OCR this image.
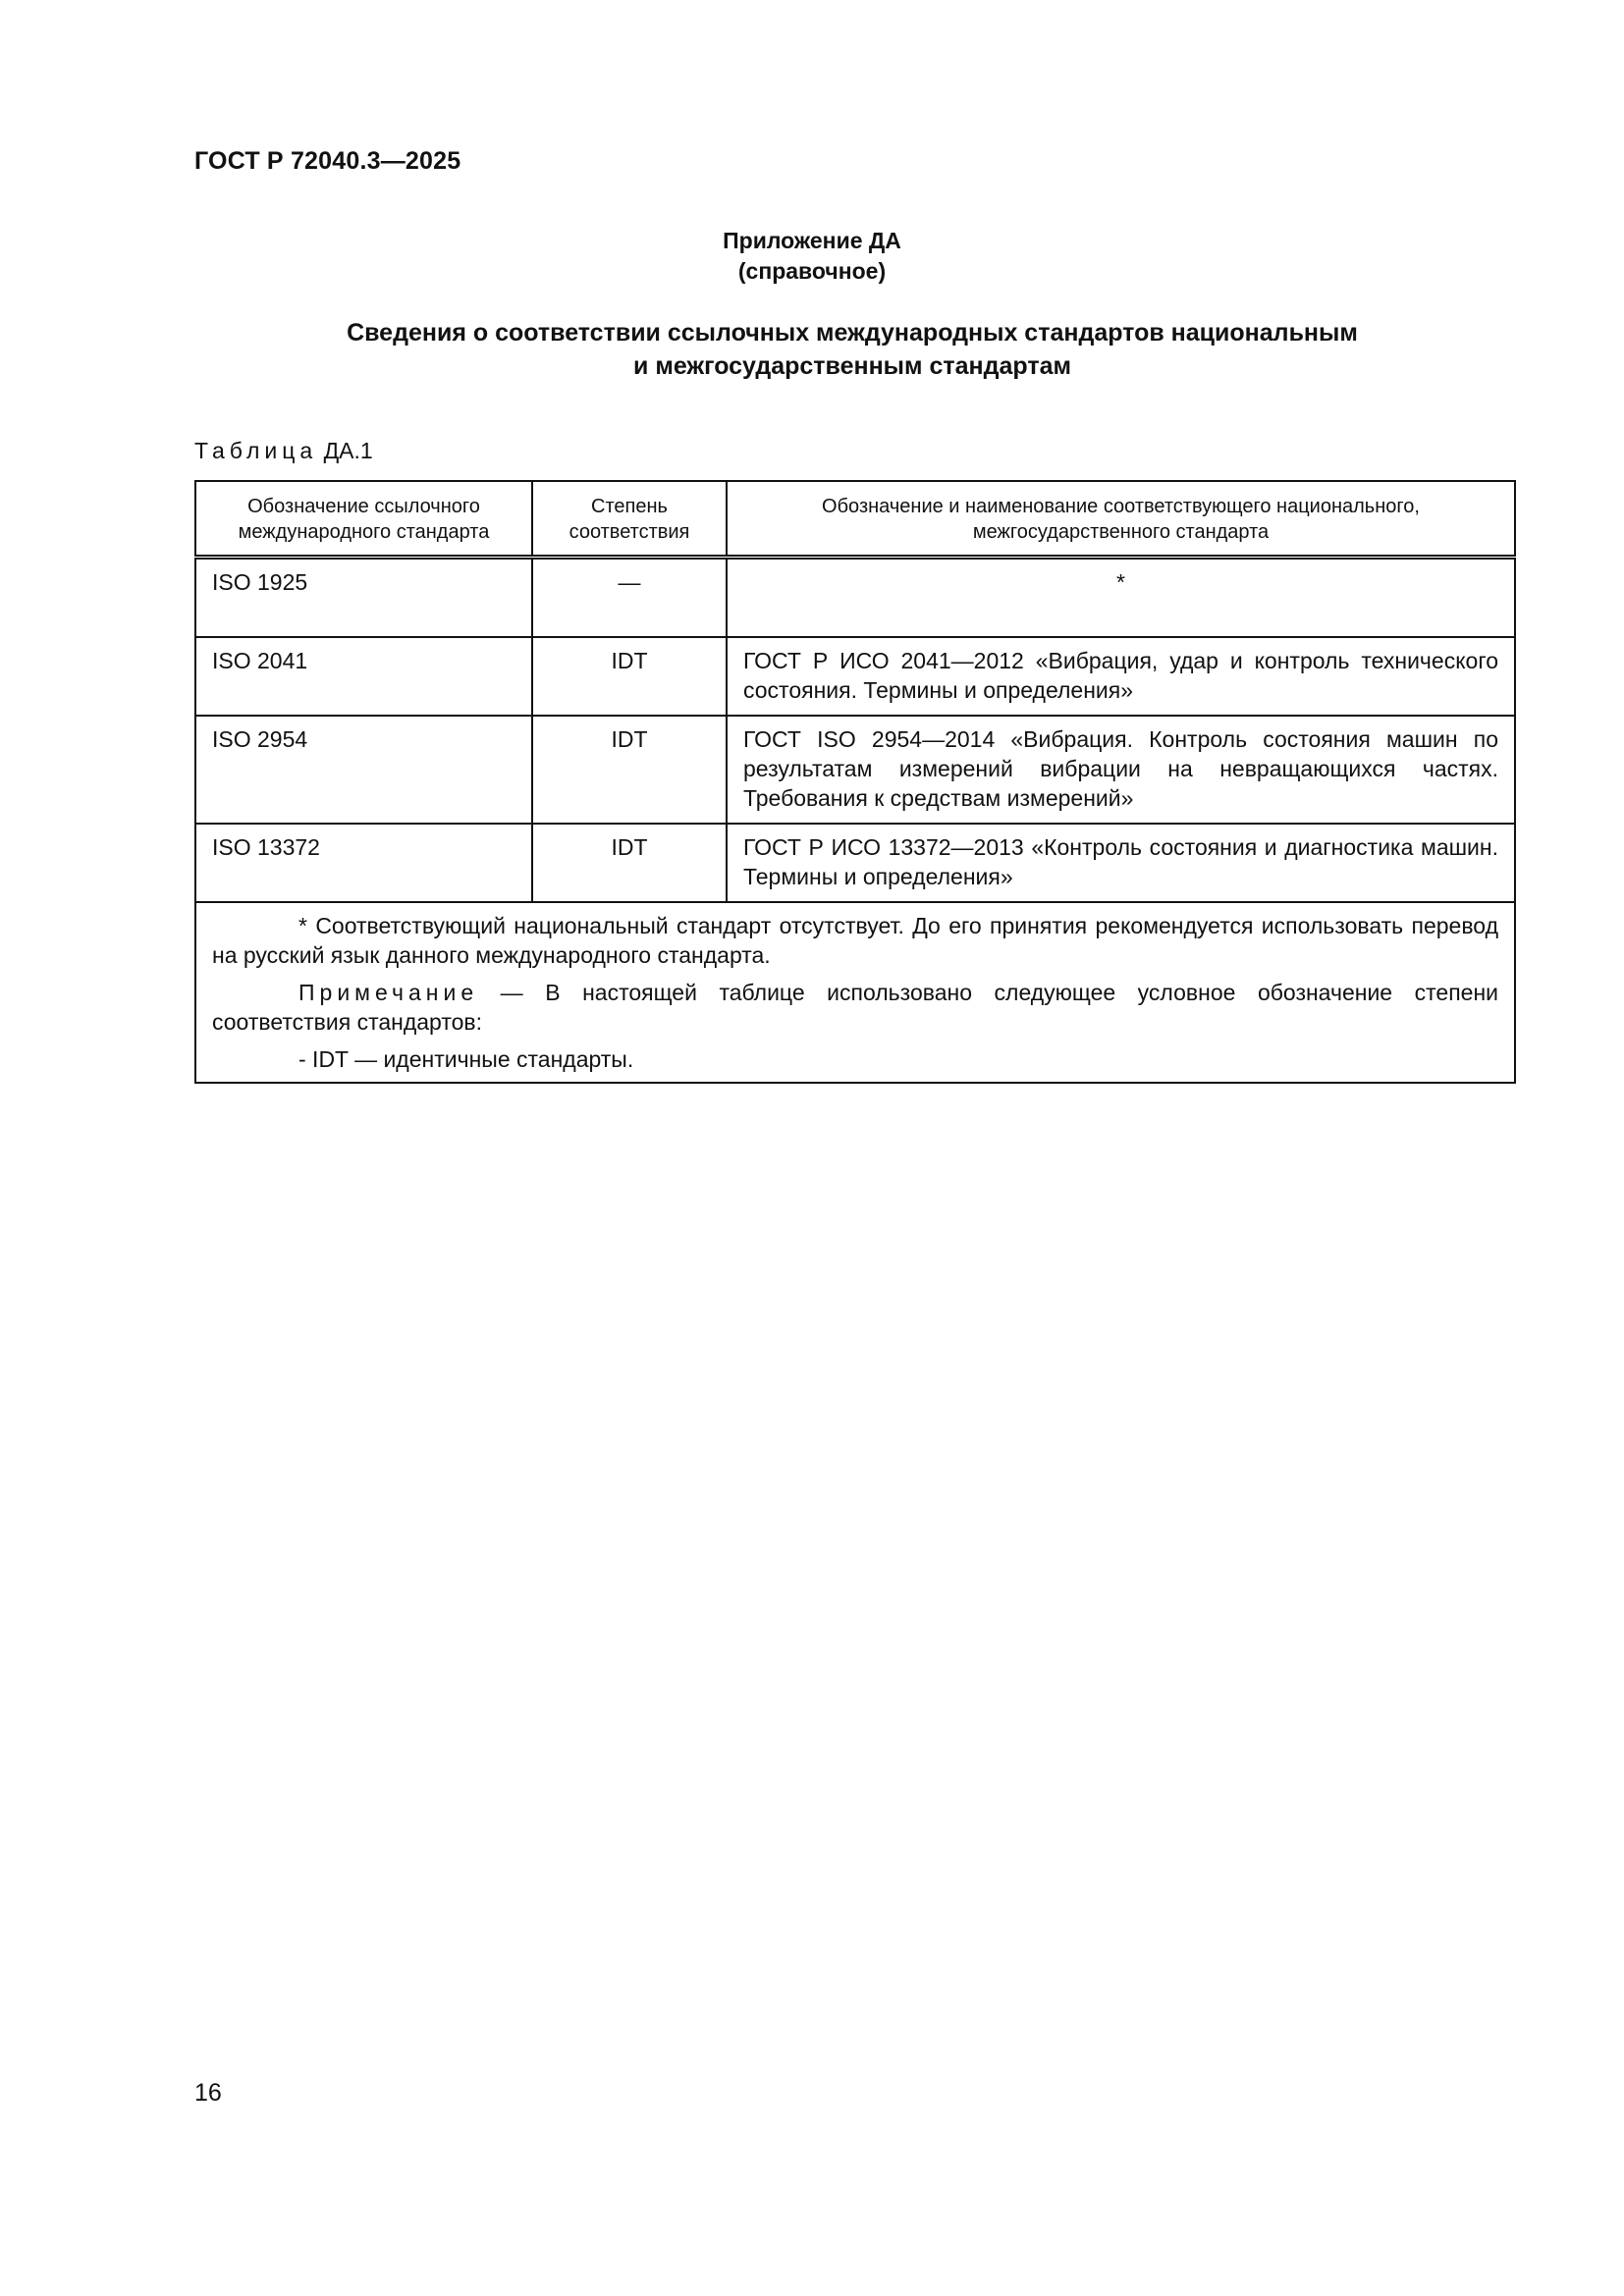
ГОСТ Р 72040.3—2025
Приложение ДА
(справочное)
Сведения о соответствии ссылочных международных стандартов национальным
и межгосударственным стандартам
Таблица ДА.1
Обозначение ссылочного международного стандарта	Степень соответствия	Обозначение и наименование соответствующего национального, межгосударственного стандарта
ISO 1925	—	*
ISO 2041	IDT	ГОСТ Р ИСО 2041—2012 «Вибрация, удар и контроль технического состояния. Термины и определения»
ISO 2954	IDT	ГОСТ ISO 2954—2014 «Вибрация. Контроль состояния машин по результатам измерений вибрации на невращающихся частях. Требования к средствам измерений»
ISO 13372	IDT	ГОСТ Р ИСО 13372—2013 «Контроль состояния и диагностика машин. Термины и определения»

* Соответствующий национальный стандарт отсутствует. До его принятия рекомендуется использовать перевод на русский язык данного международного стандарта.

Примечание — В настоящей таблице использовано следующее условное обозначение степени соответствия стандартов:

- IDT — идентичные стандарты.		

16
